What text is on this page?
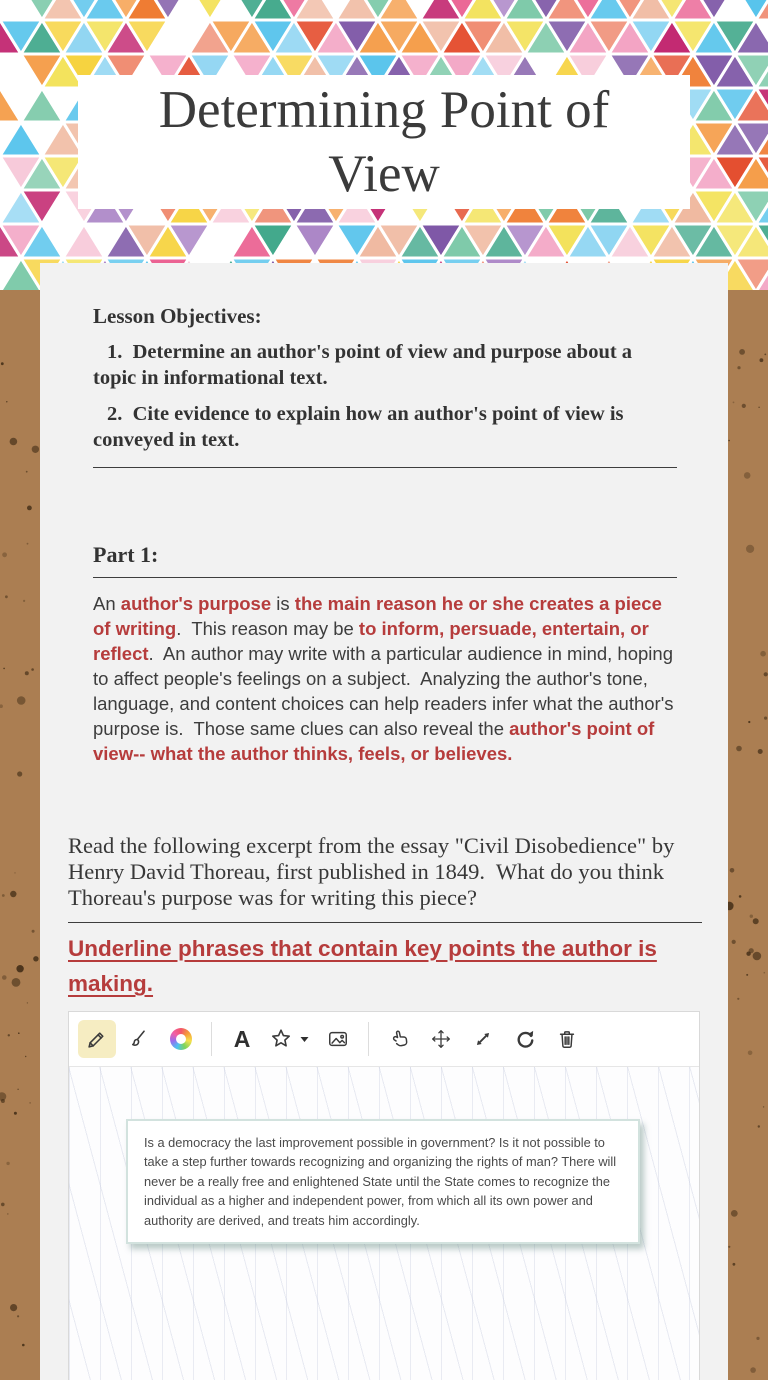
Determining Point of
View
Lesson Objectives:
1.  Determine an author's point of view and purpose about a topic in informational text.
2.  Cite evidence to explain how an author's point of view is conveyed in text.
Part 1:

An author's purpose is the main reason he or she creates a piece of writing.  This reason may be to inform, persuade, entertain, or reflect.  An author may write with a particular audience in mind, hoping to affect people's feelings on a subject.  Analyzing the author's tone, language, and content choices can help readers infer what the author's purpose is.  Those same clues can also reveal the author's point of view-- what the author thinks, feels, or believes.

Read the following excerpt from the essay "Civil Disobedience" by Henry David Thoreau, first published in 1849.  What do you think Thoreau's purpose was for writing this piece?

Underline phrases that contain key points the author is making.
A

Is a democracy the last improvement possible in government? Is it not possible to take a step further towards recognizing and organizing the rights of man? There will never be a really free and enlightened State until the State comes to recognize the individual as a higher and independent power, from which all its own power and authority are derived, and treats him accordingly.
